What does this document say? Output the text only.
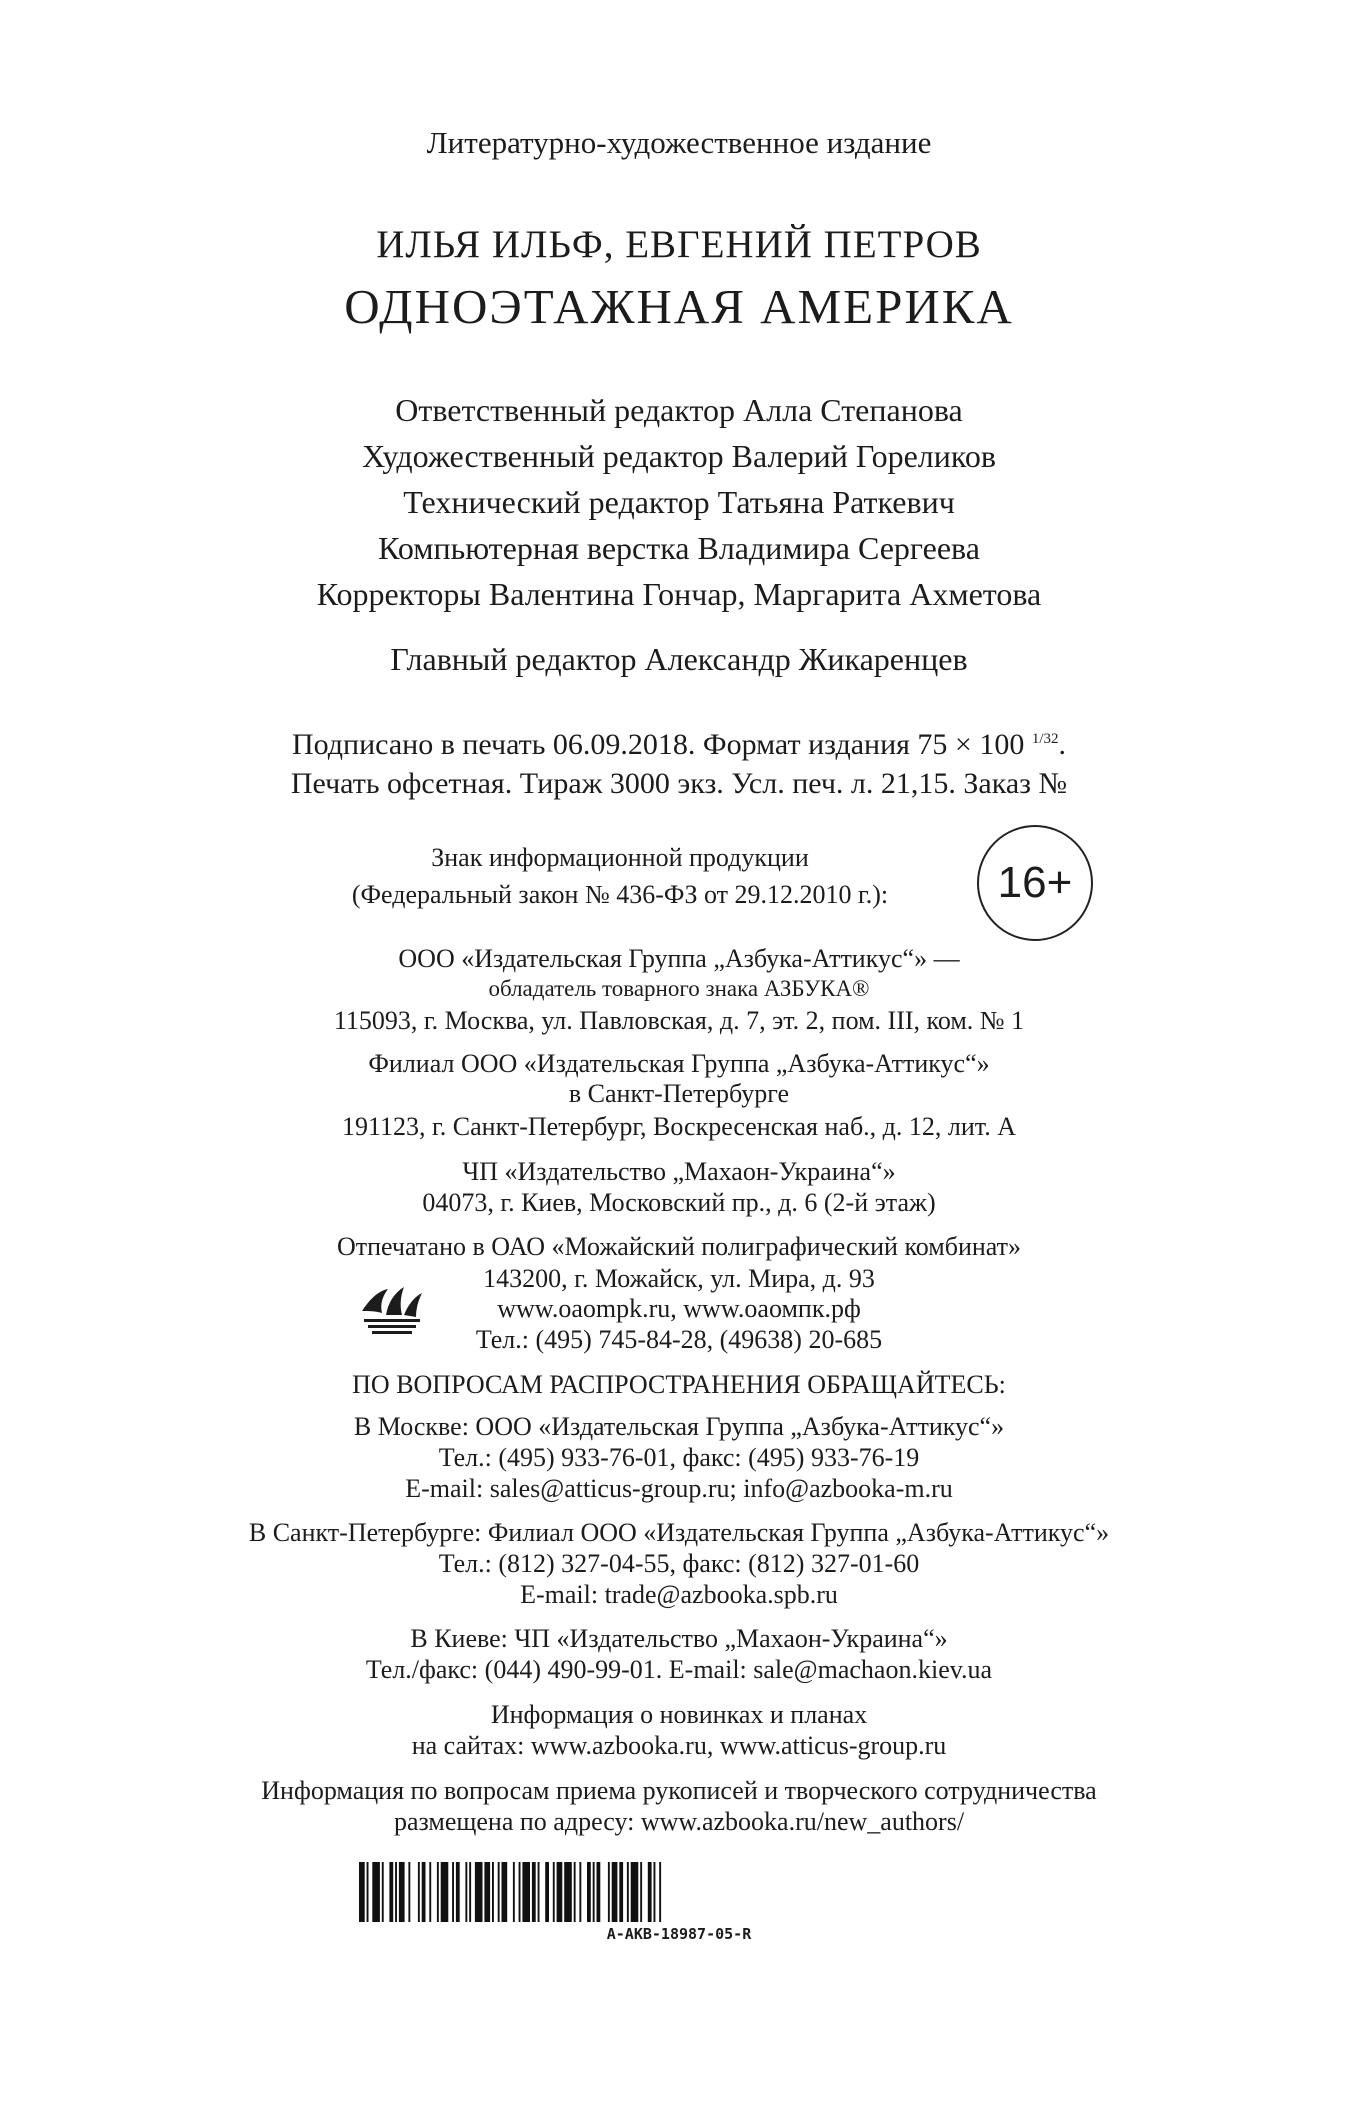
Литературно-художественное издание
ИЛЬЯ ИЛЬФ, ЕВГЕНИЙ ПЕТРОВ
ОДНОЭТАЖНАЯ АМЕРИКА
Ответственный редактор Алла Степанова
Художественный редактор Валерий Гореликов
Технический редактор Татьяна Раткевич
Компьютерная верстка Владимира Сергеева
Корректоры Валентина Гончар, Маргарита Ахметова
Главный редактор Александр Жикаренцев
Подписано в печать 06.09.2018. Формат издания 75 × 100 $^{1/32}$.
Печать офсетная. Тираж 3000 экз. Усл. печ. л. 21,15. Заказ №
Знак информационной продукции
(Федеральный закон № 436-ФЗ от 29.12.2010 г.):	16+
ООО «Издательская Группа „Азбука-Аттикус“» —
обладатель товарного знака АЗБУКА®
115093, г. Москва, ул. Павловская, д. 7, эт. 2, пом. III, ком. № 1
Филиал ООО «Издательская Группа „Азбука-Аттикус“»
в Санкт-Петербурге
191123, г. Санкт-Петербург, Воскресенская наб., д. 12, лит. А
ЧП «Издательство „Махаон-Украина“»
04073, г. Киев, Московский пр., д. 6 (2-й этаж)
Отпечатано в ОАО «Можайский полиграфический комбинат»
143200, г. Можайск, ул. Мира, д. 93
www.oaompk.ru, www.оаомпк.рф
Тел.: (495) 745-84-28, (49638) 20-685
ПО ВОПРОСАМ РАСПРОСТРАНЕНИЯ ОБРАЩАЙТЕСЬ:
В Москве: ООО «Издательская Группа „Азбука-Аттикус“»
Тел.: (495) 933-76-01, факс: (495) 933-76-19
E-mail: sales@atticus-group.ru; info@azbooka-m.ru
В Санкт-Петербурге: Филиал ООО «Издательская Группа „Азбука-Аттикус“»
Тел.: (812) 327-04-55, факс: (812) 327-01-60
E-mail: trade@azbooka.spb.ru
В Киеве: ЧП «Издательство „Махаон-Украина“»
Тел./факс: (044) 490-99-01. E-mail: sale@machaon.kiev.ua
Информация о новинках и планах
на сайтах: www.azbooka.ru, www.atticus-group.ru
Информация по вопросам приема рукописей и творческого сотрудничества
размещена по адресу: www.azbooka.ru/new_authors/
A-AKB-18987-05-R
